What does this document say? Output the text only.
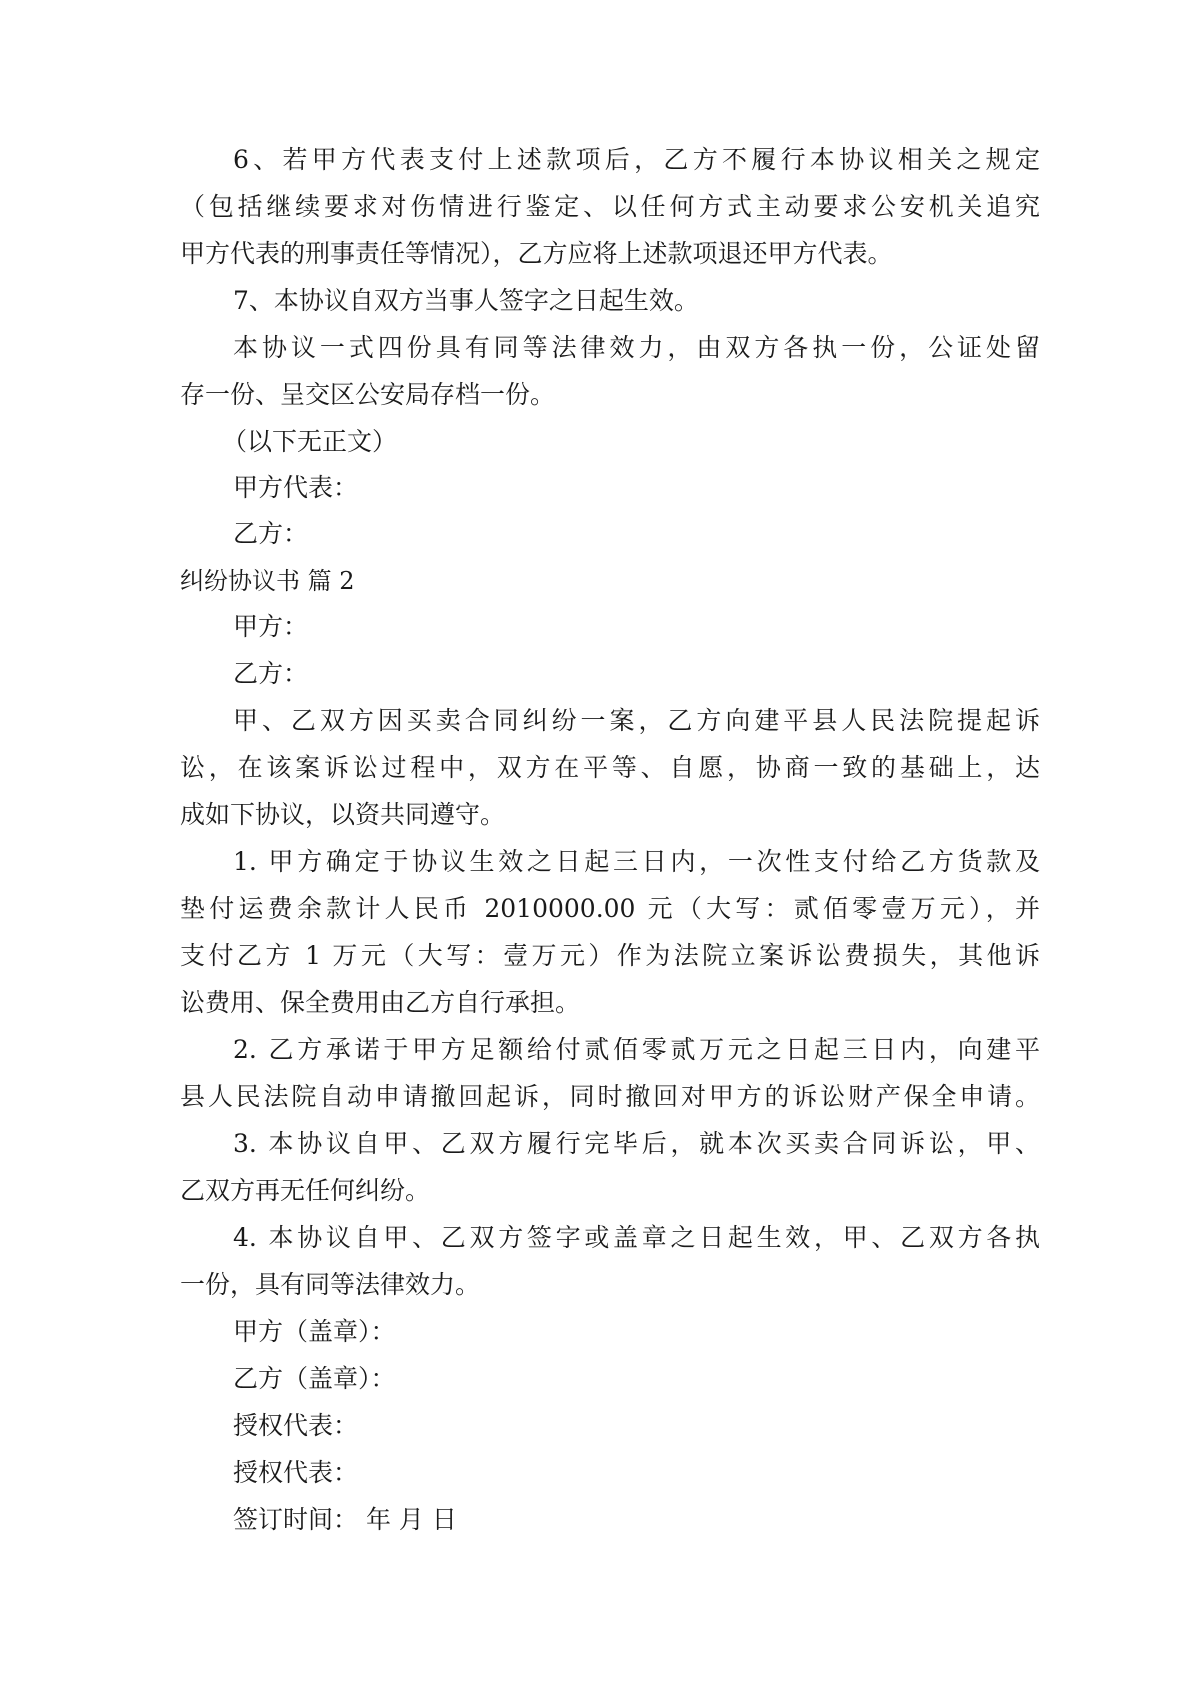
6、若甲方代表支付上述款项后，乙方不履行本协议相关之规定
（包括继续要求对伤情进行鉴定、以任何方式主动要求公安机关追究
甲方代表的刑事责任等情况），乙方应将上述款项退还甲方代表。
7、本协议自双方当事人签字之日起生效。
本协议一式四份具有同等法律效力，由双方各执一份，公证处留
存一份、呈交区公安局存档一份。
（以下无正文）
甲方代表：
乙方：
纠纷协议书 篇 2
甲方：
乙方：
甲、乙双方因买卖合同纠纷一案，乙方向建平县人民法院提起诉
讼，在该案诉讼过程中，双方在平等、自愿，协商一致的基础上，达
成如下协议，以资共同遵守。
1. 甲方确定于协议生效之日起三日内，一次性支付给乙方货款及
垫付运费余款计人民币 2010000.00 元（大写：贰佰零壹万元），并
支付乙方 1 万元（大写：壹万元）作为法院立案诉讼费损失，其他诉
讼费用、保全费用由乙方自行承担。
2. 乙方承诺于甲方足额给付贰佰零贰万元之日起三日内，向建平
县人民法院自动申请撤回起诉，同时撤回对甲方的诉讼财产保全申请。
3. 本协议自甲、乙双方履行完毕后，就本次买卖合同诉讼，甲、
乙双方再无任何纠纷。
4. 本协议自甲、乙双方签字或盖章之日起生效，甲、乙双方各执
一份，具有同等法律效力。
甲方（盖章）：
乙方（盖章）：
授权代表：
授权代表：
签订时间： 年 月 日
